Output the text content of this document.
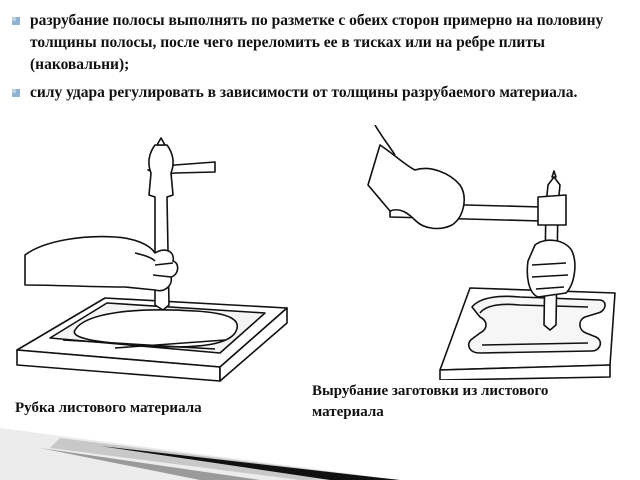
разрубание полосы выполнять по разметке с обеих сторон примерно на половину толщины полосы, после чего переломить ее в тисках или на ребре плиты (наковальни);
силу удара регулировать в зависимости от толщины разрубаемого материала.
Рубка листового материала
Вырубание заготовки из листового материала
